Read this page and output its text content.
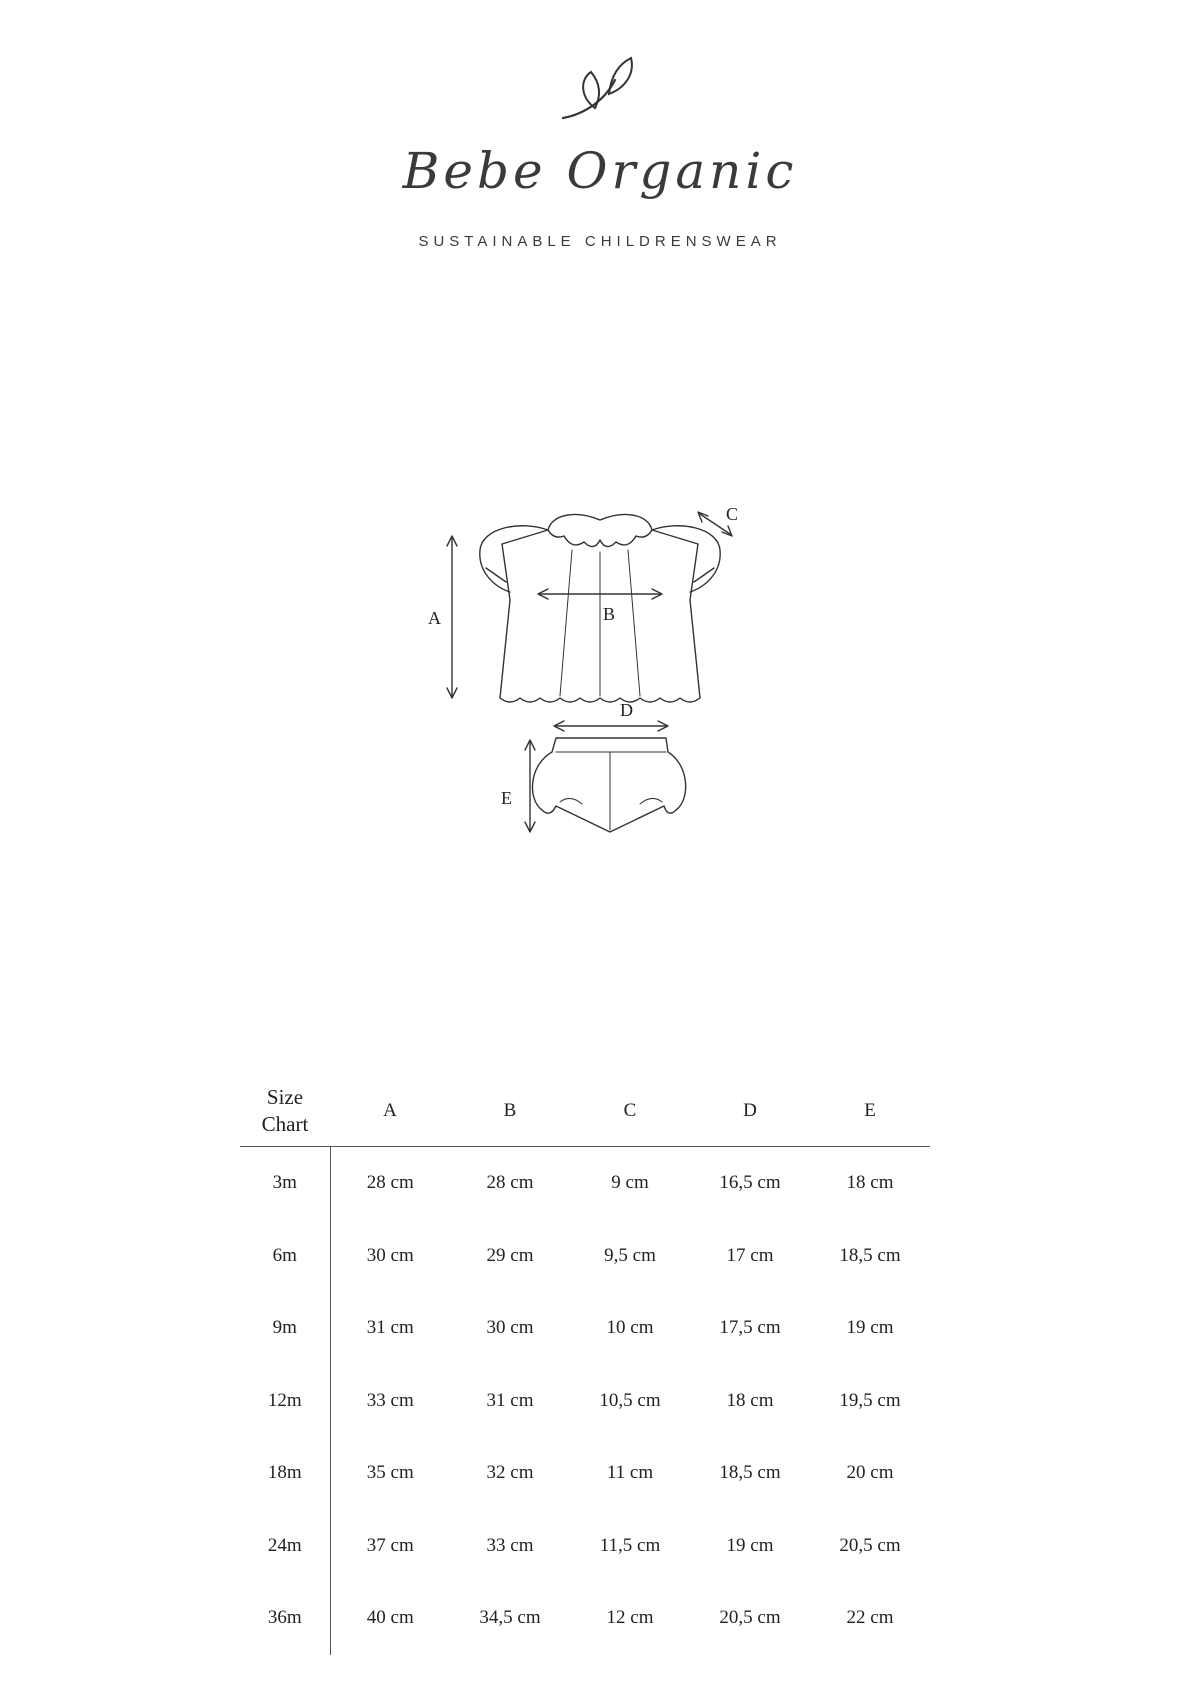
Bebe Organic
SUSTAINABLE CHILDRENSWEAR
A	B
C
D
E
Size
Chart	A	B	C	D	E
3m	28 cm	28 cm	9 cm	16,5 cm	18 cm
6m	30 cm	29 cm	9,5 cm	17 cm	18,5 cm
9m	31 cm	30 cm	10 cm	17,5 cm	19 cm
12m	33 cm	31 cm	10,5 cm	18 cm	19,5 cm
18m	35 cm	32 cm	11 cm	18,5 cm	20 cm
24m	37 cm	33 cm	11,5 cm	19 cm	20,5 cm
36m	40 cm	34,5 cm	12 cm	20,5 cm	22 cm
